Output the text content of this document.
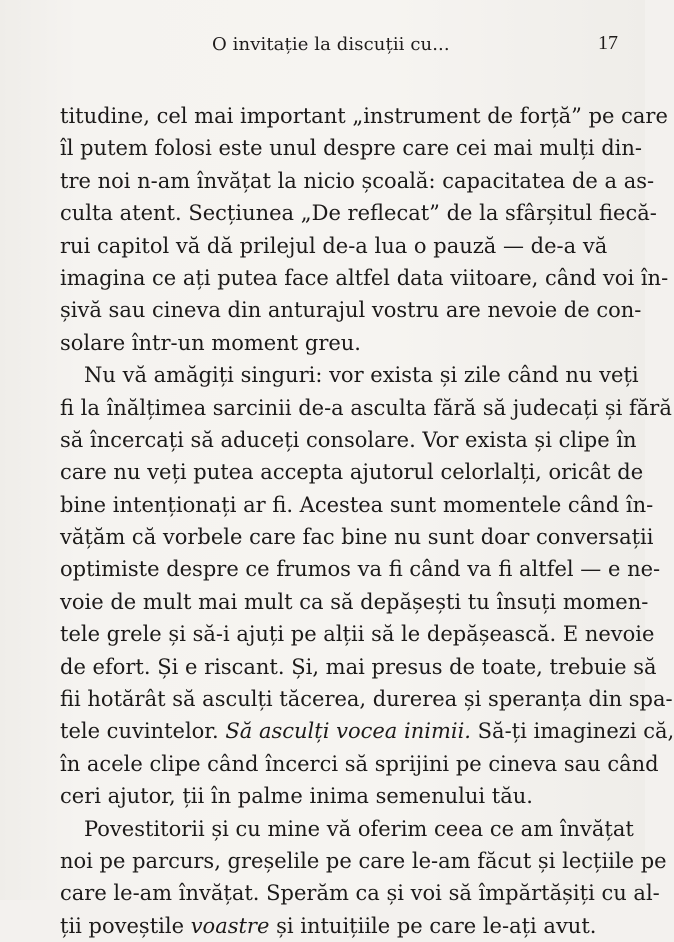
O invitație la discuții cu...	17
titudine, cel mai important „instrument de forță” pe care
îl putem folosi este unul despre care cei mai mulți din-
tre noi n-am învățat la nicio școală: capacitatea de a as-
culta atent. Secțiunea „De reflecat” de la sfârșitul fiecă-
rui capitol vă dă prilejul de-a lua o pauză — de-a vă
imagina ce ați putea face altfel data viitoare, când voi în-
șivă sau cineva din anturajul vostru are nevoie de con-
solare într-un moment greu.
Nu vă amăgiți singuri: vor exista și zile când nu veți
fi la înălțimea sarcinii de-a asculta fără să judecați și fără
să încercați să aduceți consolare. Vor exista și clipe în
care nu veți putea accepta ajutorul celorlalți, oricât de
bine intenționați ar fi. Acestea sunt momentele când în-
vățăm că vorbele care fac bine nu sunt doar conversații
optimiste despre ce frumos va fi când va fi altfel — e ne-
voie de mult mai mult ca să depășești tu însuți momen-
tele grele și să-i ajuți pe alții să le depășească. E nevoie
de efort. Și e riscant. Și, mai presus de toate, trebuie să
fii hotărât să asculți tăcerea, durerea și speranța din spa-
tele cuvintelor. Să asculți vocea inimii. Să-ți imaginezi că,
în acele clipe când încerci să sprijini pe cineva sau când
ceri ajutor, ții în palme inima semenului tău.
Povestitorii și cu mine vă oferim ceea ce am învățat
noi pe parcurs, greșelile pe care le-am făcut și lecțiile pe
care le-am învățat. Sperăm ca și voi să împărtășiți cu al-
ții poveștile voastre și intuițiile pe care le-ați avut.
